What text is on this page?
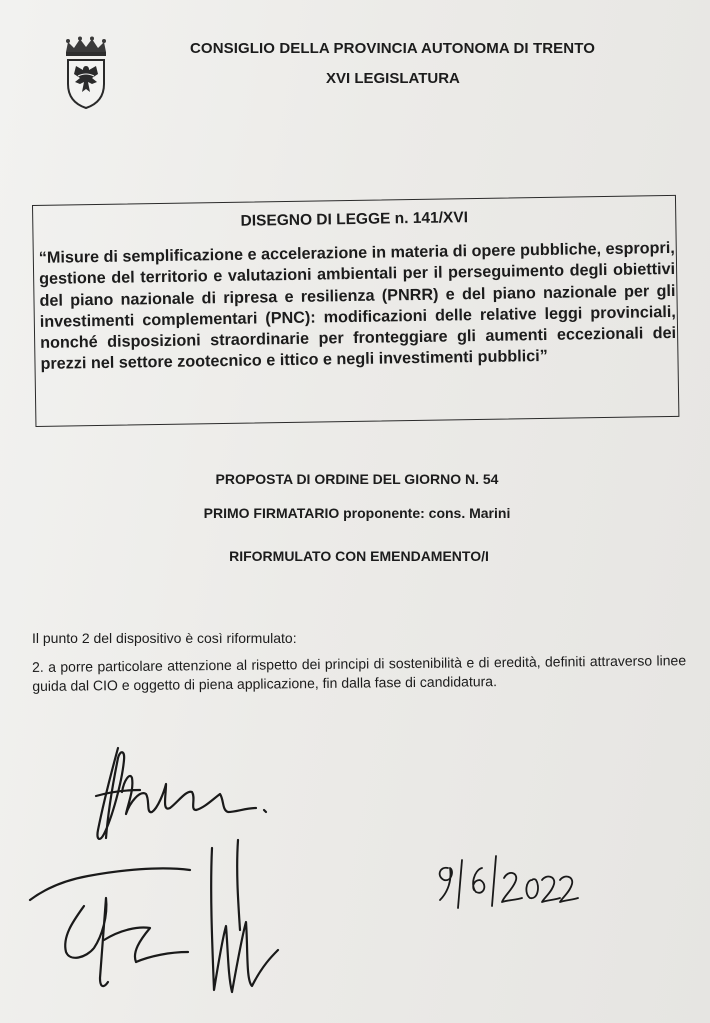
CONSIGLIO DELLA PROVINCIA AUTONOMA DI TRENTO
XVI LEGISLATURA
DISEGNO DI LEGGE n. 141/XVI
“Misure di semplificazione e accelerazione in materia di opere pubbliche, espropri, gestione del territorio e valutazioni ambientali per il perseguimento degli obiettivi del piano nazionale di ripresa e resilienza (PNRR) e del piano nazionale per gli investimenti complementari (PNC): modificazioni delle relative leggi provinciali, nonché disposizioni straordinarie per fronteggiare gli aumenti eccezionali dei prezzi nel settore zootecnico e ittico e negli investimenti pubblici”
PROPOSTA DI ORDINE DEL GIORNO N. 54
PRIMO FIRMATARIO proponente: cons. Marini
RIFORMULATO CON EMENDAMENTO/I
Il punto 2 del dispositivo è così riformulato:
2. a porre particolare attenzione al rispetto dei principi di sostenibilità e di eredità, definiti attraverso linee guida dal CIO e oggetto di piena applicazione, fin dalla fase di candidatura.
